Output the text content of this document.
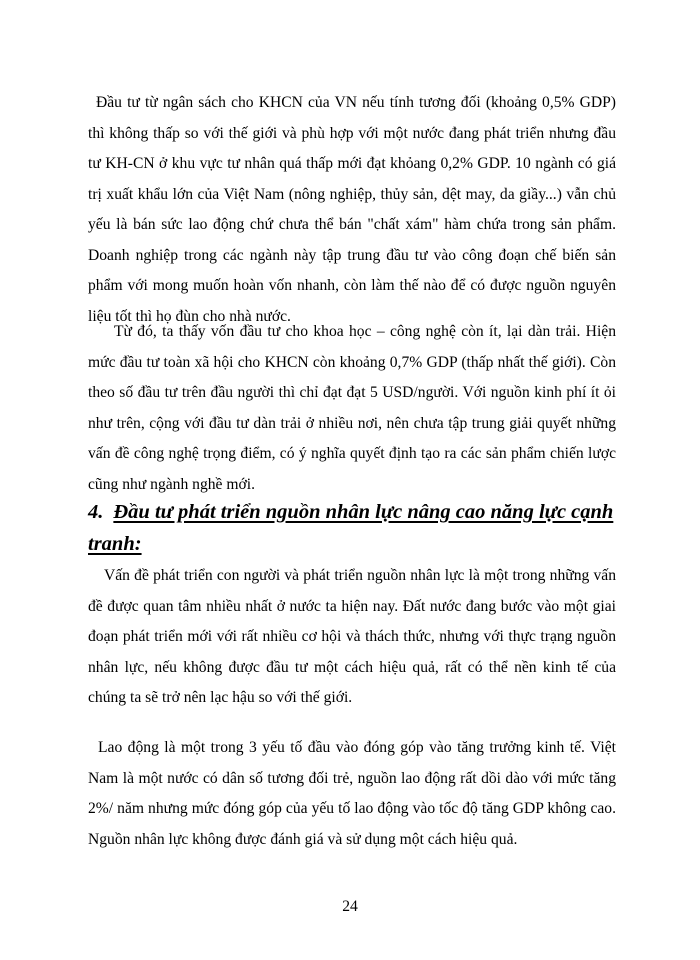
Đầu tư từ ngân sách cho KHCN của VN nếu tính tương đối (khoảng 0,5% GDP) thì không thấp so với thế giới và phù hợp với một nước đang phát triển nhưng đầu tư KH-CN ở khu vực tư nhân quá thấp mới đạt khỏang 0,2% GDP. 10 ngành có giá trị xuất khẩu lớn của Việt Nam (nông nghiệp, thủy sản, dệt may, da giầy...) vẫn chủ yếu là bán sức lao động chứ chưa thể bán "chất xám" hàm chứa trong sản phẩm. Doanh nghiệp trong các ngành này tập trung đầu tư vào công đoạn chế biến sản phẩm với mong muốn hoàn vốn nhanh, còn làm thế nào để có được nguồn nguyên liệu tốt thì họ đùn cho nhà nước.

Từ đó, ta thấy vốn đầu tư cho khoa học – công nghệ còn ít, lại dàn trải. Hiện mức đầu tư toàn xã hội cho KHCN còn khoảng 0,7% GDP (thấp nhất thế giới). Còn theo số đầu tư trên đầu người thì chỉ đạt đạt 5 USD/người. Với nguồn kinh phí ít ỏi như trên, cộng với đầu tư dàn trải ở nhiều nơi, nên chưa tập trung giải quyết những vấn đề công nghệ trọng điểm, có ý nghĩa quyết định tạo ra các sản phẩm chiến lược cũng như ngành nghề mới.

4. Đầu tư phát triển nguồn nhân lực nâng cao năng lực cạnh tranh:

Vấn đề phát triển con người và phát triển nguồn nhân lực là một trong những vấn đề được quan tâm nhiều nhất ở nước ta hiện nay. Đất nước đang bước vào một giai đoạn phát triển mới với rất nhiều cơ hội và thách thức, nhưng với thực trạng nguồn nhân lực, nếu không được đầu tư một cách hiệu quả, rất có thể nền kinh tế của chúng ta sẽ trở nên lạc hậu so với thế giới.

Lao động là một trong 3 yếu tố đầu vào đóng góp vào tăng trưởng kinh tế. Việt Nam là một nước có dân số tương đối trẻ, nguồn lao động rất dồi dào với mức tăng 2%/ năm nhưng mức đóng góp của yếu tố lao động vào tốc độ tăng GDP không cao. Nguồn nhân lực không được đánh giá và sử dụng một cách hiệu quả.

24
